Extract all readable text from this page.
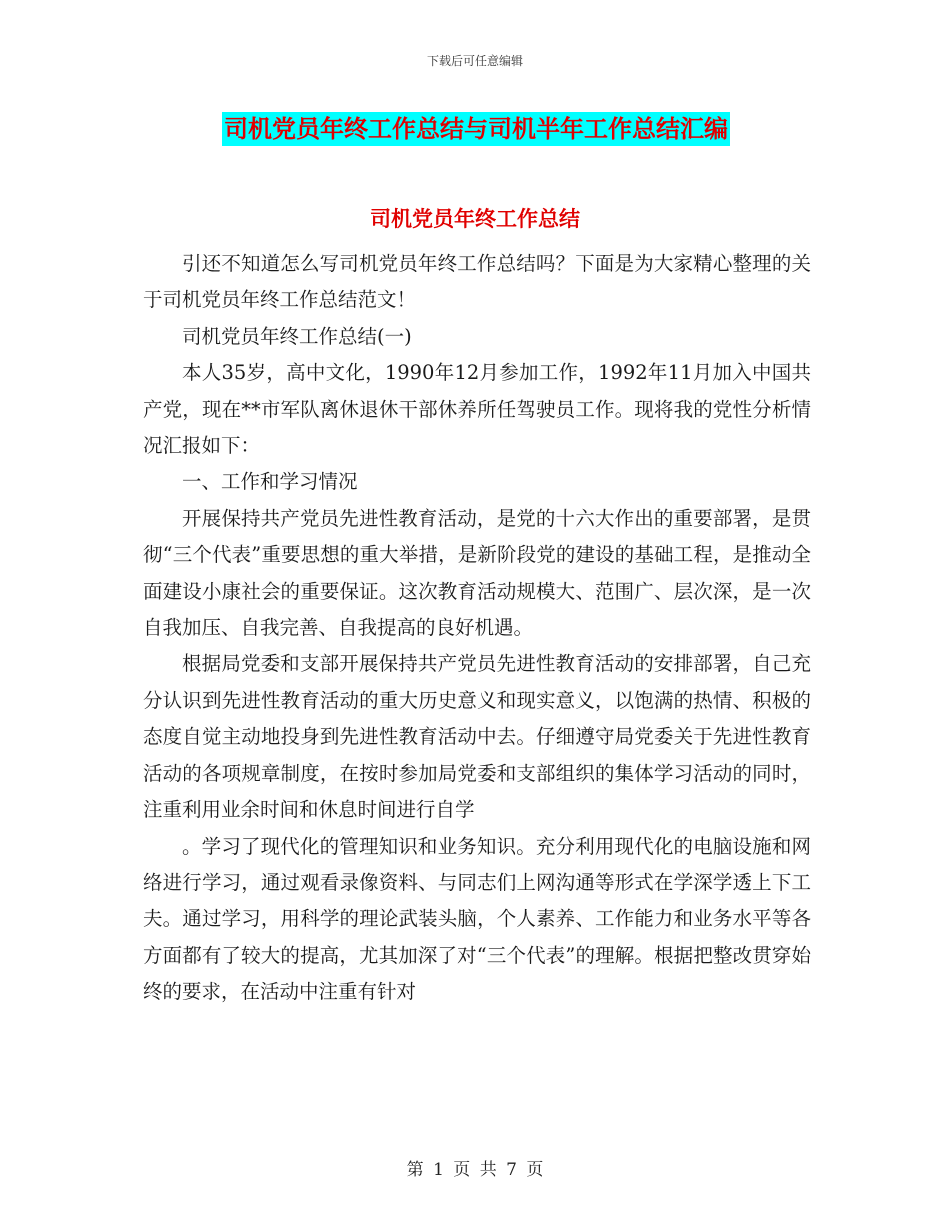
下载后可任意编辑
司机党员年终工作总结与司机半年工作总结汇编
司机党员年终工作总结

引还不知道怎么写司机党员年终工作总结吗？下面是为大家精心整理的关于司机党员年终工作总结范文！

司机党员年终工作总结(一)

本人35岁，高中文化，1990年12月参加工作，1992年11月加入中国共产党，现在**市军队离休退休干部休养所任驾驶员工作。现将我的党性分析情况汇报如下：

一、工作和学习情况

开展保持共产党员先进性教育活动，是党的十六大作出的重要部署，是贯彻“三个代表”重要思想的重大举措，是新阶段党的建设的基础工程，是推动全面建设小康社会的重要保证。这次教育活动规模大、范围广、层次深，是一次自我加压、自我完善、自我提高的良好机遇。

根据局党委和支部开展保持共产党员先进性教育活动的安排部署，自己充分认识到先进性教育活动的重大历史意义和现实意义，以饱满的热情、积极的态度自觉主动地投身到先进性教育活动中去。仔细遵守局党委关于先进性教育活动的各项规章制度，在按时参加局党委和支部组织的集体学习活动的同时，注重利用业余时间和休息时间进行自学

。学习了现代化的管理知识和业务知识。充分利用现代化的电脑设施和网络进行学习，通过观看录像资料、与同志们上网沟通等形式在学深学透上下工夫。通过学习，用科学的理论武装头脑，个人素养、工作能力和业务水平等各方面都有了较大的提高，尤其加深了对“三个代表”的理解。根据把整改贯穿始终的要求，在活动中注重有针对

第 1 页 共 7 页
